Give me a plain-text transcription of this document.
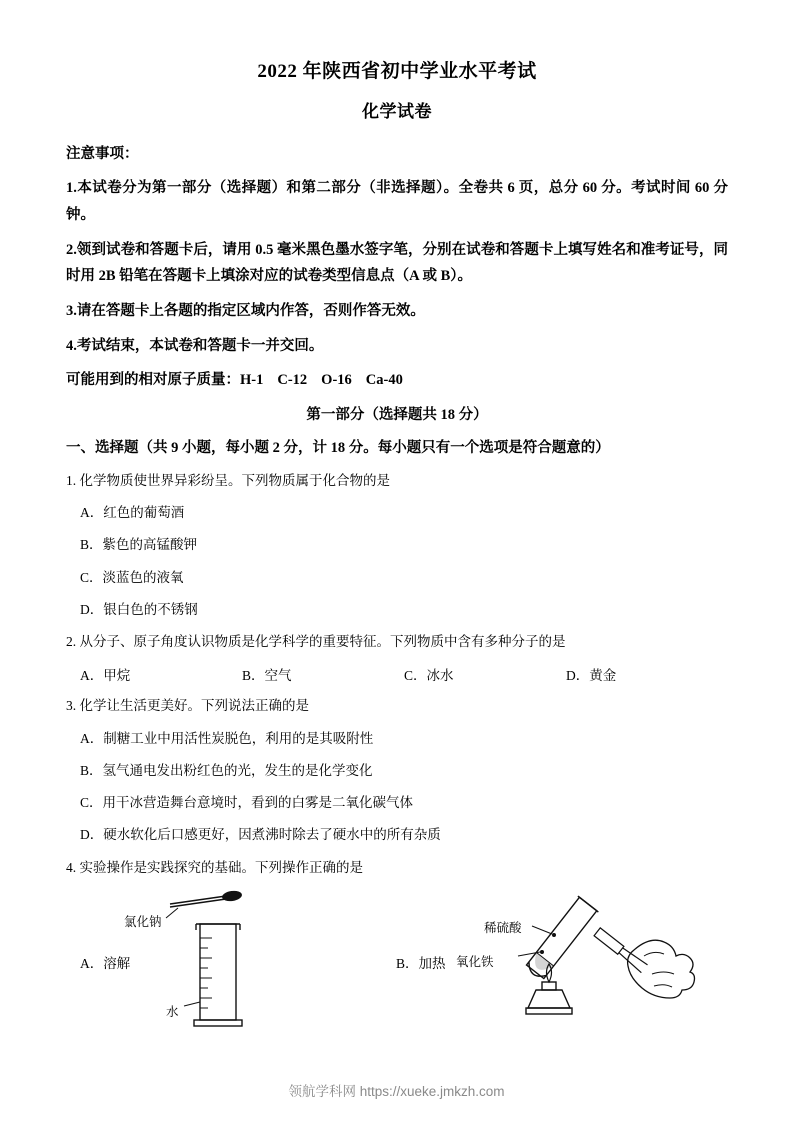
2022 年陕西省初中学业水平考试
化学试卷
注意事项：
1.本试卷分为第一部分（选择题）和第二部分（非选择题）。全卷共 6 页，总分 60 分。考试时间 60 分钟。
2.领到试卷和答题卡后，请用 0.5 毫米黑色墨水签字笔，分别在试卷和答题卡上填写姓名和准考证号，同时用 2B 铅笔在答题卡上填涂对应的试卷类型信息点（A 或 B）。
3.请在答题卡上各题的指定区域内作答，否则作答无效。
4.考试结束，本试卷和答题卡一并交回。
可能用到的相对原子质量：H-1 C-12 O-16 Ca-40
第一部分（选择题共 18 分）
一、选择题（共 9 小题，每小题 2 分，计 18 分。每小题只有一个选项是符合题意的）
1. 化学物质使世界异彩纷呈。下列物质属于化合物的是
A．红色的葡萄酒
B．紫色的高锰酸钾
C．淡蓝色的液氧
D．银白色的不锈钢
2. 从分子、原子角度认识物质是化学科学的重要特征。下列物质中含有多种分子的是
A．甲烷	B．空气	C．冰水	D．黄金
3. 化学让生活更美好。下列说法正确的是
A．制糖工业中用活性炭脱色，利用的是其吸附性
B．氢气通电发出粉红色的光，发生的是化学变化
C．用干冰营造舞台意境时，看到的白雾是二氧化碳气体
D．硬水软化后口感更好，因煮沸时除去了硬水中的所有杂质
4. 实验操作是实践探究的基础。下列操作正确的是
A．溶解
氯化钠
水
B．加热
稀硫酸
氧化铁
领航学科网 https://xueke.jmkzh.com
